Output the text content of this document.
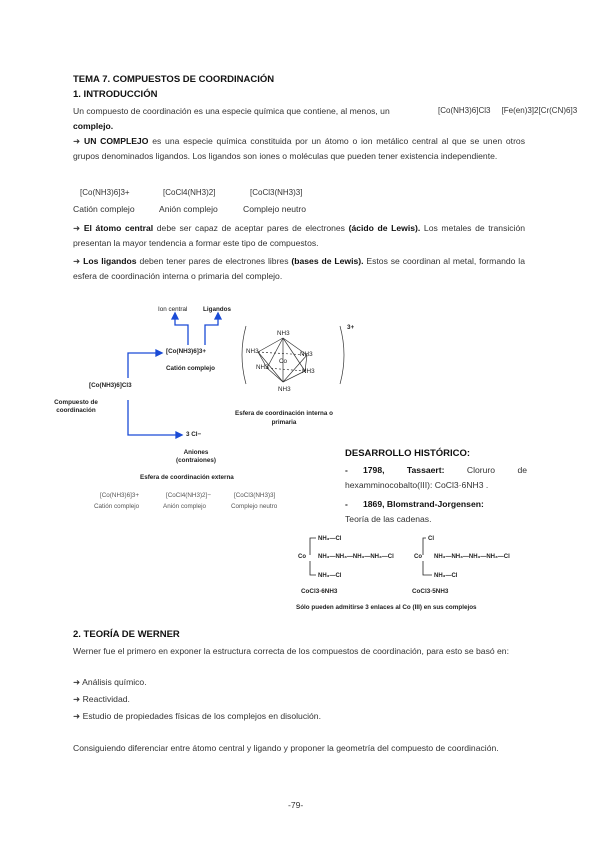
TEMA 7. COMPUESTOS DE COORDINACIÓN
1. INTRODUCCIÓN
Un compuesto de coordinación es una especie química que contiene, al menos, un	[Co(NH3)6]Cl3     [Fe(en)3]2[Cr(CN)6]3
complejo.
➜ UN COMPLEJO es una especie química constituida por un átomo o ion metálico central al que se unen otros grupos denominados ligandos. Los ligandos son iones o moléculas que pueden tener existencia independiente.
[Co(NH3)6]3+	[CoCl4(NH3)2]	[CoCl3(NH3)3]
Catión complejo	Anión complejo	Complejo neutro
➜ El átomo central debe ser capaz de aceptar pares de electrones (ácido de Lewis). Los metales de transición presentan la mayor tendencia a formar este tipo de compuestos.
➜ Los ligandos deben tener pares de electrones libres (bases de Lewis). Estos se coordinan al metal, formando la esfera de coordinación interna o primaria del complejo.
Ion central Ligandos
[Co(NH3)6]3+
Catión complejo
[Co(NH3)6]Cl3
Compuesto de coordinación
3 Cl−
Aniones (contraiones)
Esfera de coordinación externa
NH3
NH3	NH3
NH3
NH3
NH3
Co
3+
Esfera de coordinación interna o primaria
[Co(NH3)6]3+	[CoCl4(NH3)2]−	[CoCl3(NH3)3]
Catión complejo	Anión complejo	Complejo neutro
DESARROLLO HISTÓRICO:
- 1798,	Tassaert:	Cloruro de hexamminocobalto(III): CoCl3·6NH3 .
- 1869, Blomstrand-Jorgensen:
Teoría de las cadenas.
NH₃—Cl
Co NH₃—NH₃—NH₃—NH₃—Cl
NH₃—Cl
Cl
Co NH₃—NH₃—NH₃—NH₃—Cl
NH₃—Cl
CoCl3·6NH3	CoCl3·5NH3
Sólo pueden admitirse 3 enlaces al Co (III) en sus complejos
2. TEORÍA DE WERNER
Werner fue el primero en exponer la estructura correcta de los compuestos de coordinación, para esto se basó en:
➜ Análisis químico.
➜ Reactividad.
➜ Estudio de propiedades físicas de los complejos en disolución.
Consiguiendo diferenciar entre átomo central y ligando y proponer la geometría del compuesto de coordinación.
-79-
